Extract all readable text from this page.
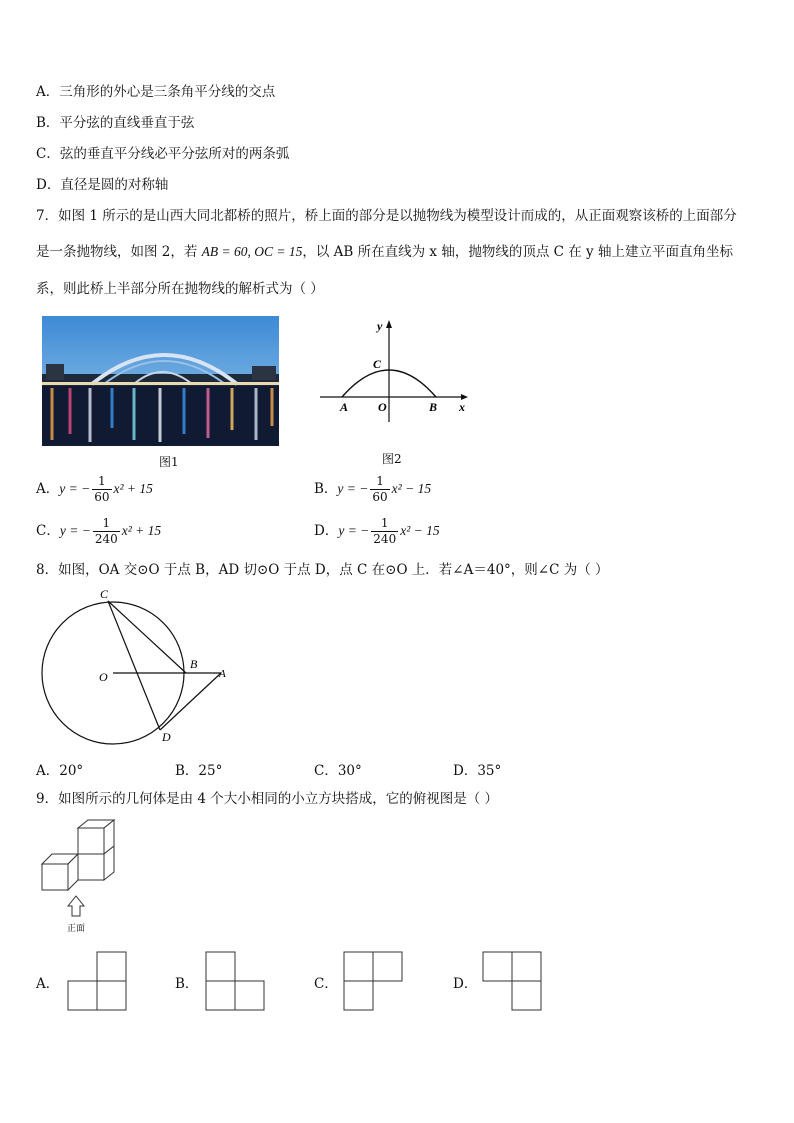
A．三角形的外心是三条角平分线的交点
B．平分弦的直线垂直于弦
C．弦的垂直平分线必平分弦所对的两条弧
D．直径是圆的对称轴
7．如图 1 所示的是山西大同北都桥的照片，桥上面的部分是以抛物线为模型设计而成的，从正面观察该桥的上面部分
是一条抛物线，如图 2，若 AB = 60, OC = 15，以 AB 所在直线为 x 轴，抛物线的顶点 C 在 y 轴上建立平面直角坐标
系，则此桥上半部分所在抛物线的解析式为（ ）
图1
y
x
C
A O	B
图2
A．y = − $\frac{1}{60} x^2 + 15$	B．y = − $\frac{1}{60} x^2 - 15$
C．y = − $\frac{1}{240} x^2 + 15$	D．y = − $\frac{1}{240} x^2 - 15$
8．如图，OA 交⊙O 于点 B，AD 切⊙O 于点 D，点 C 在⊙O 上．若∠A＝40°，则∠C 为（ ）
C
O
B
A
D
A．20°	B．25°	C．30°	D．35°
9．如图所示的几何体是由 4 个大小相同的小立方块搭成，它的俯视图是（ ）
正面
A．	B．	C．	D．
